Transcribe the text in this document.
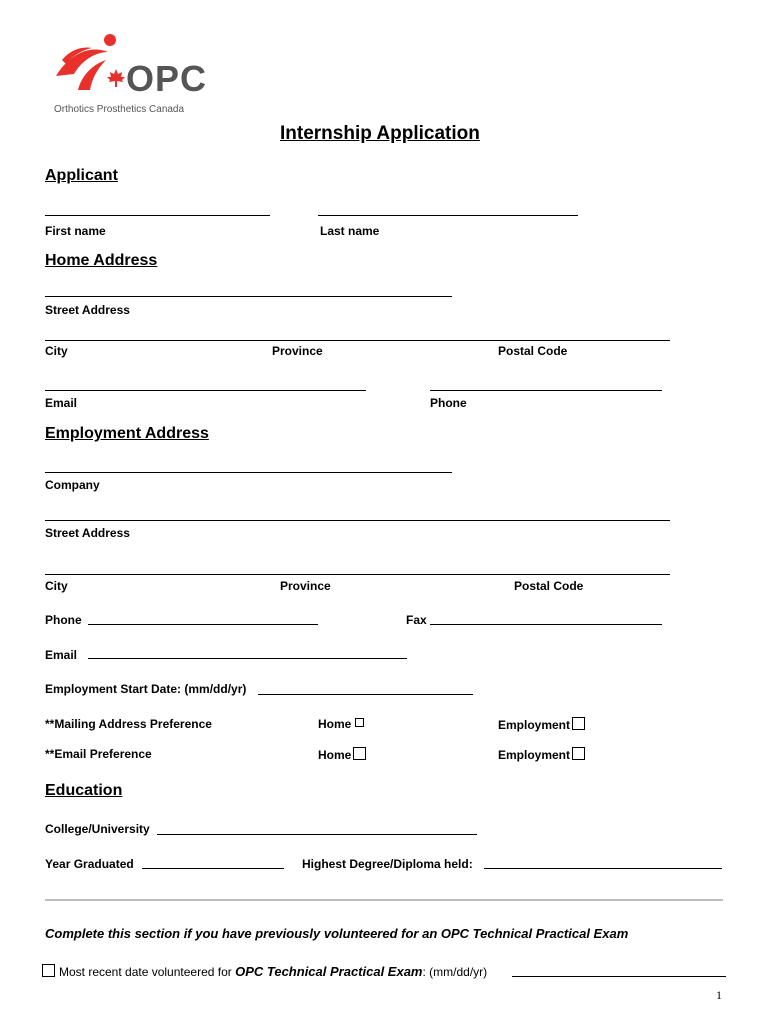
OPC
Orthotics Prosthetics Canada
Internship Application
Applicant
First name	Last name
Home Address
Street Address
City	Province	Postal Code
Email	Phone
Employment Address
Company
Street Address
City	Province	Postal Code
Phone	Fax
Email
Employment Start Date: (mm/dd/yr)
**Mailing Address Preference	Home	Employment
**Email Preference	Home	Employment
Education
College/University
Year Graduated	Highest Degree/Diploma held:
Complete this section if you have previously volunteered for an OPC Technical Practical Exam
Most recent date volunteered for OPC Technical Practical Exam: (mm/dd/yr)
1
